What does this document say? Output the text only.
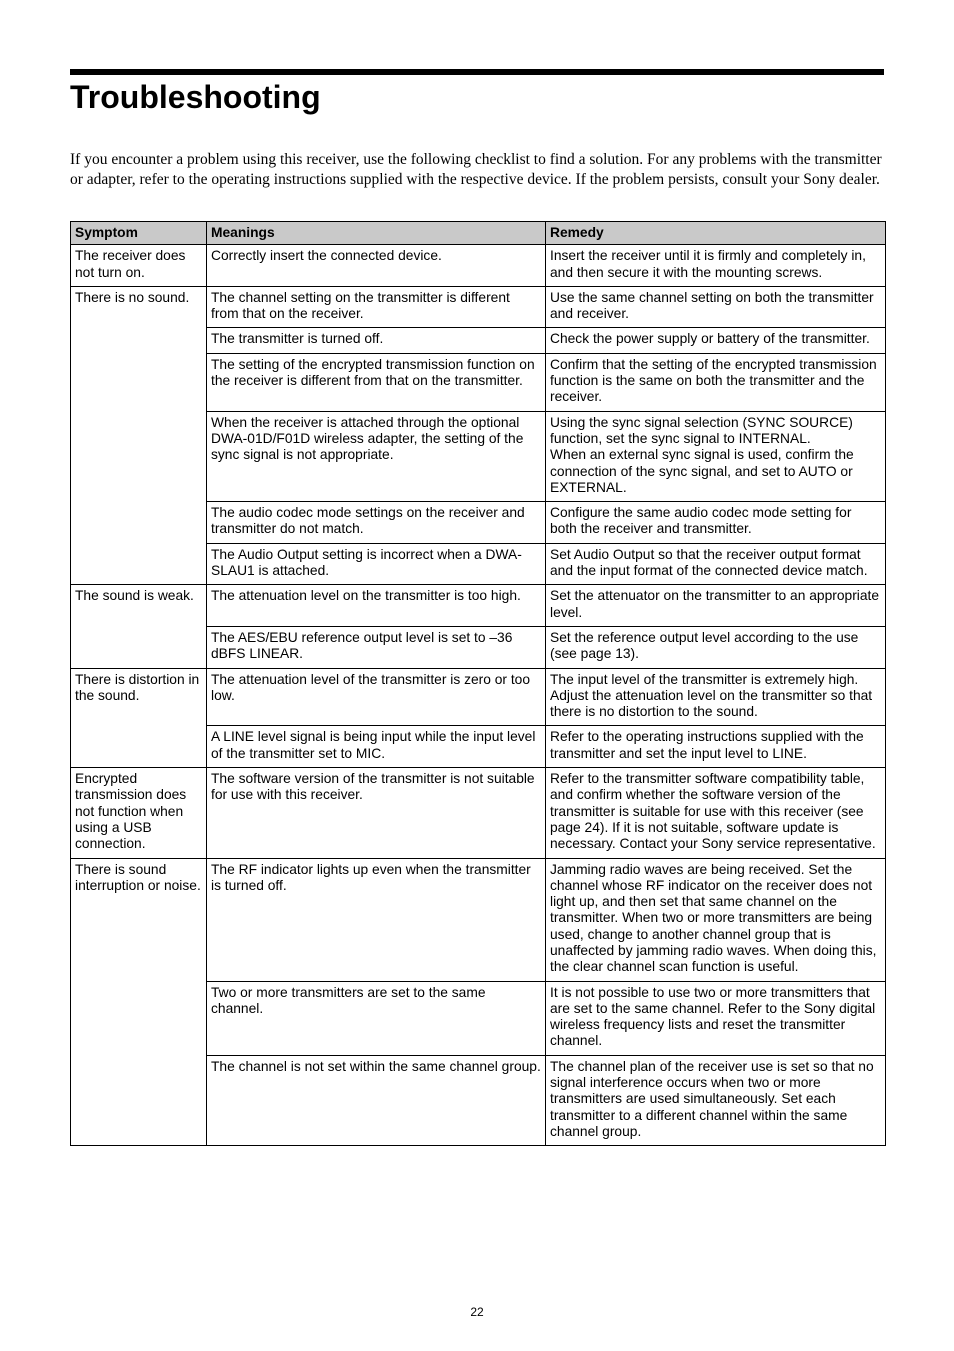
Troubleshooting

If you encounter a problem using this receiver, use the following checklist to find a solution. For any problems with the transmitter or adapter, refer to the operating instructions supplied with the respective device. If the problem persists, consult your Sony dealer.

Symptom	Meanings	Remedy
The receiver does not turn on.	Correctly insert the connected device.	Insert the receiver until it is firmly and completely in, and then secure it with the mounting screws.

There is no sound.	The channel setting on the transmitter is different from that on the receiver.	Use the same channel setting on both the transmitter and receiver.

	The transmitter is turned off.	Check the power supply or battery of the transmitter.

	The setting of the encrypted transmission function on the receiver is different from that on the transmitter.	Confirm that the setting of the encrypted transmission function is the same on both the transmitter and the receiver.

	When the receiver is attached through the optional DWA-01D/F01D wireless adapter, the setting of the sync signal is not appropriate.	Using the sync signal selection (SYNC SOURCE) function, set the sync signal to INTERNAL.
When an external sync signal is used, confirm the connection of the sync signal, and set to AUTO or EXTERNAL.

	The audio codec mode settings on the receiver and transmitter do not match.	Configure the same audio codec mode setting for both the receiver and transmitter.

	The Audio Output setting is incorrect when a DWA-SLAU1 is attached.	Set Audio Output so that the receiver output format and the input format of the connected device match.

The sound is weak.	The attenuation level on the transmitter is too high.	Set the attenuator on the transmitter to an appropriate level.

	The AES/EBU reference output level is set to –36 dBFS LINEAR.	Set the reference output level according to the use (see page 13).

There is distortion in the sound.	The attenuation level of the transmitter is zero or too low.	The input level of the transmitter is extremely high. Adjust the attenuation level on the transmitter so that there is no distortion to the sound.

	A LINE level signal is being input while the input level of the transmitter set to MIC.	Refer to the operating instructions supplied with the transmitter and set the input level to LINE.

Encrypted transmission does not function when using a USB connection.	The software version of the transmitter is not suitable for use with this receiver.	Refer to the transmitter software compatibility table, and confirm whether the software version of the transmitter is suitable for use with this receiver (see page 24). If it is not suitable, software update is necessary. Contact your Sony service representative.

There is sound interruption or noise.	The RF indicator lights up even when the transmitter is turned off.	Jamming radio waves are being received. Set the channel whose RF indicator on the receiver does not light up, and then set that same channel on the transmitter. When two or more transmitters are being used, change to another channel group that is unaffected by jamming radio waves. When doing this, the clear channel scan function is useful.

	Two or more transmitters are set to the same channel.	It is not possible to use two or more transmitters that are set to the same channel. Refer to the Sony digital wireless frequency lists and reset the transmitter channel.

	The channel is not set within the same channel group.	The channel plan of the receiver use is set so that no signal interference occurs when two or more transmitters are used simultaneously. Set each transmitter to a different channel within the same channel group.
22
